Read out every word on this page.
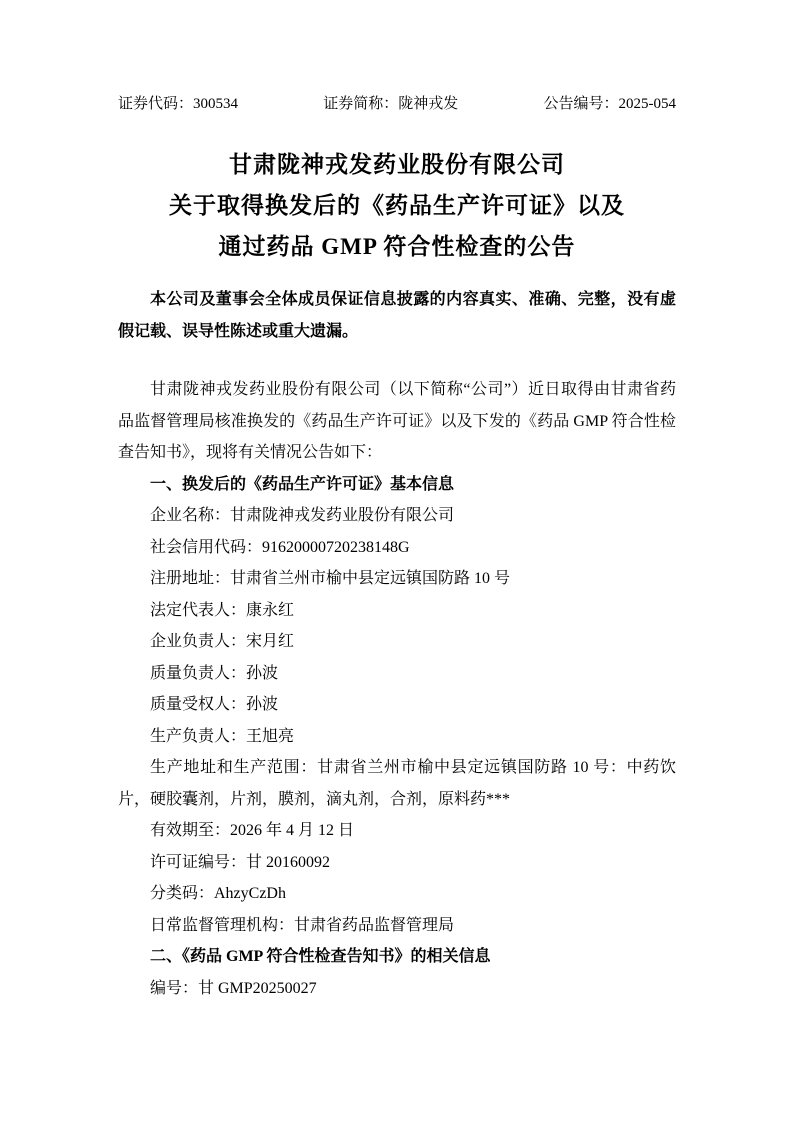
证券代码：300534	证券简称：陇神戎发	公告编号：2025-054
甘肃陇神戎发药业股份有限公司
关于取得换发后的《药品生产许可证》以及
通过药品 GMP 符合性检查的公告

本公司及董事会全体成员保证信息披露的内容真实、准确、完整，没有虚假记载、误导性陈述或重大遗漏。

甘肃陇神戎发药业股份有限公司（以下简称“公司”）近日取得由甘肃省药品监督管理局核准换发的《药品生产许可证》以及下发的《药品 GMP 符合性检查告知书》，现将有关情况公告如下：

一、换发后的《药品生产许可证》基本信息

企业名称：甘肃陇神戎发药业股份有限公司

社会信用代码：91620000720238148G

注册地址：甘肃省兰州市榆中县定远镇国防路 10 号

法定代表人：康永红

企业负责人：宋月红

质量负责人：孙波

质量受权人：孙波

生产负责人：王旭亮

生产地址和生产范围：甘肃省兰州市榆中县定远镇国防路 10 号：中药饮片，硬胶囊剂，片剂，膜剂，滴丸剂，合剂，原料药***

有效期至：2026 年 4 月 12 日

许可证编号：甘 20160092

分类码：AhzyCzDh

日常监督管理机构：甘肃省药品监督管理局

二、《药品 GMP 符合性检查告知书》的相关信息

编号：甘 GMP20250027
